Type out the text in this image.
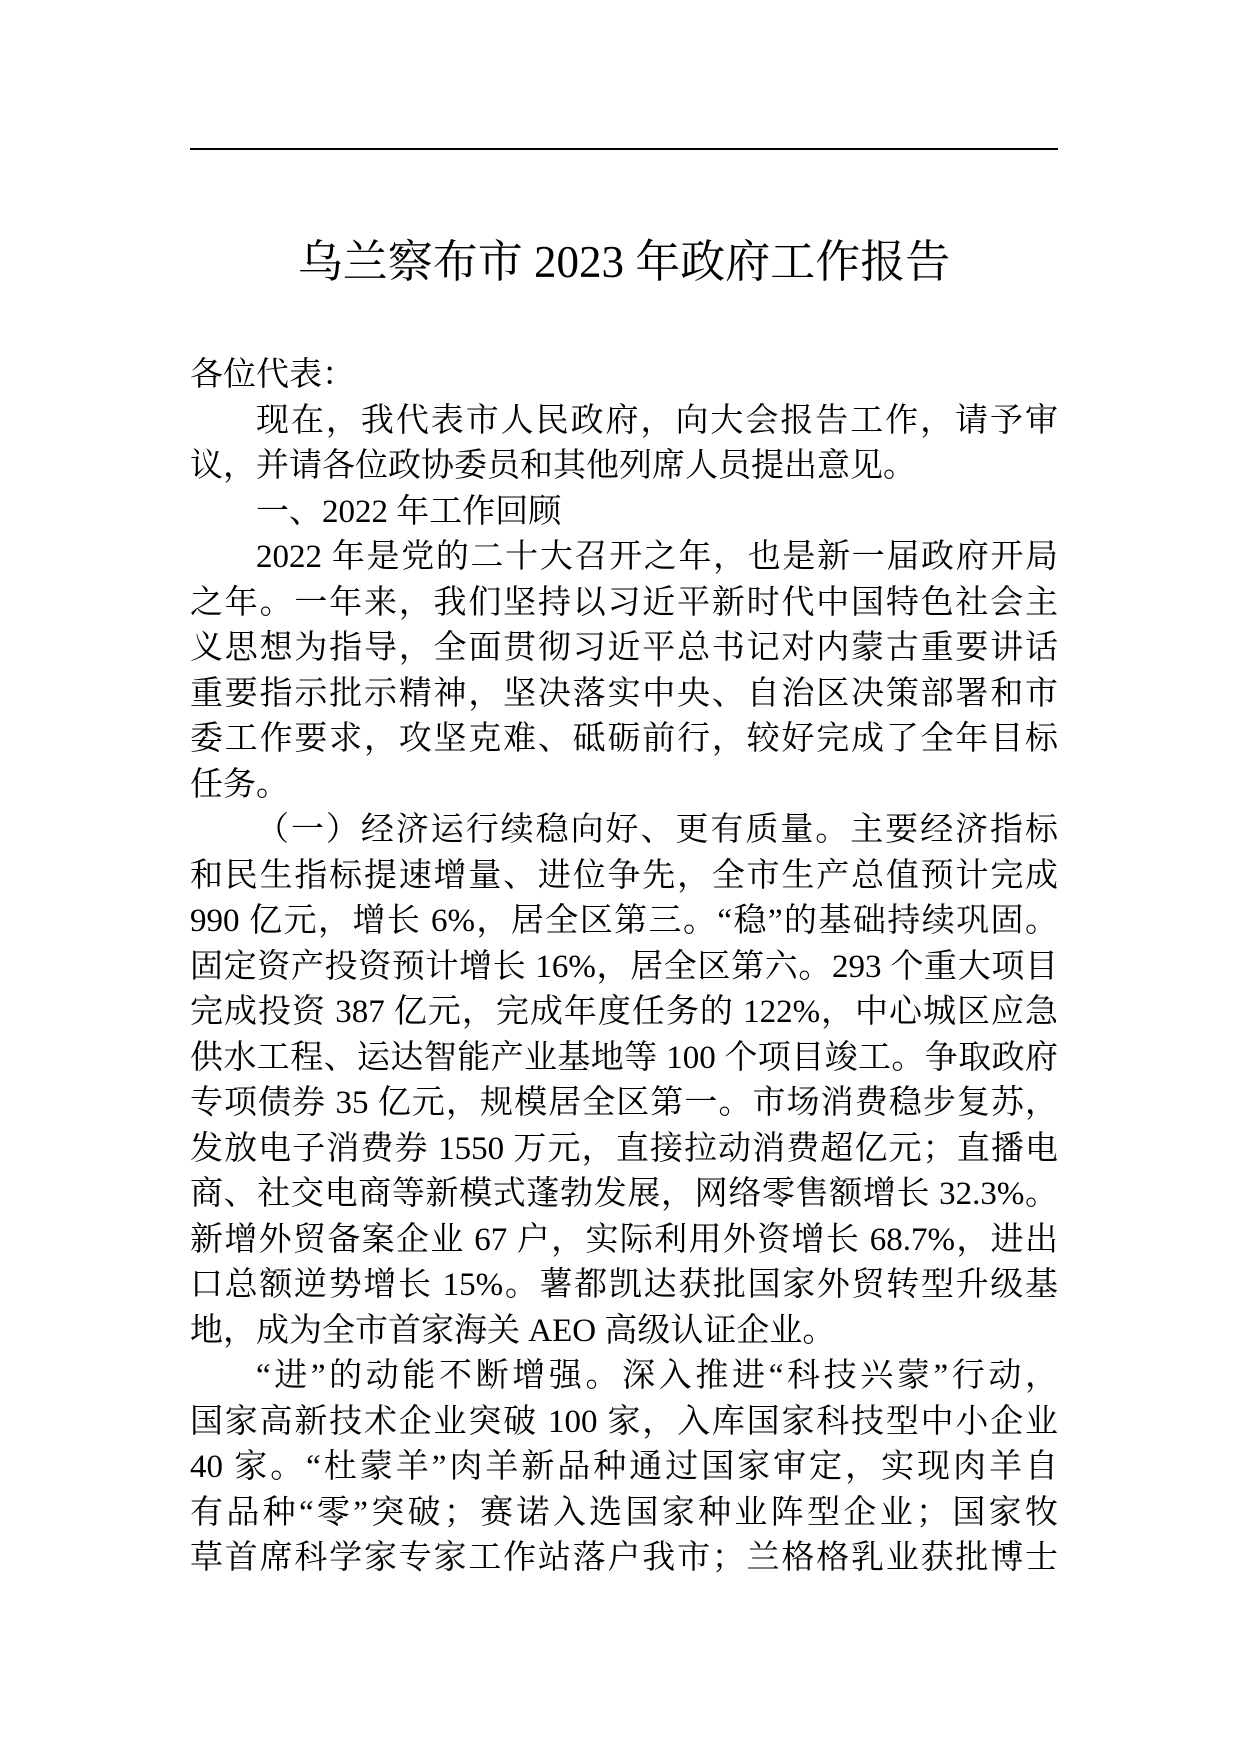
乌兰察布市 2023 年政府工作报告
各位代表：
现在，我代表市人民政府，向大会报告工作，请予审
议，并请各位政协委员和其他列席人员提出意见。
一、2022 年工作回顾
2022 年是党的二十大召开之年，也是新一届政府开局
之年。一年来，我们坚持以习近平新时代中国特色社会主
义思想为指导，全面贯彻习近平总书记对内蒙古重要讲话
重要指示批示精神，坚决落实中央、自治区决策部署和市
委工作要求，攻坚克难、砥砺前行，较好完成了全年目标
任务。
（一）经济运行续稳向好、更有质量。主要经济指标
和民生指标提速增量、进位争先，全市生产总值预计完成
990 亿元，增长 6%，居全区第三。“稳”的基础持续巩固。
固定资产投资预计增长 16%，居全区第六。293 个重大项目
完成投资 387 亿元，完成年度任务的 122%，中心城区应急
供水工程、运达智能产业基地等 100 个项目竣工。争取政府
专项债券 35 亿元，规模居全区第一。市场消费稳步复苏，
发放电子消费券 1550 万元，直接拉动消费超亿元；直播电
商、社交电商等新模式蓬勃发展，网络零售额增长 32.3%。
新增外贸备案企业 67 户，实际利用外资增长 68.7%，进出
口总额逆势增长 15%。薯都凯达获批国家外贸转型升级基
地，成为全市首家海关 AEO 高级认证企业。
“进”的动能不断增强。深入推进“科技兴蒙”行动，
国家高新技术企业突破 100 家，入库国家科技型中小企业
40 家。“杜蒙羊”肉羊新品种通过国家审定，实现肉羊自
有品种“零”突破；赛诺入选国家种业阵型企业；国家牧
草首席科学家专家工作站落户我市；兰格格乳业获批博士
